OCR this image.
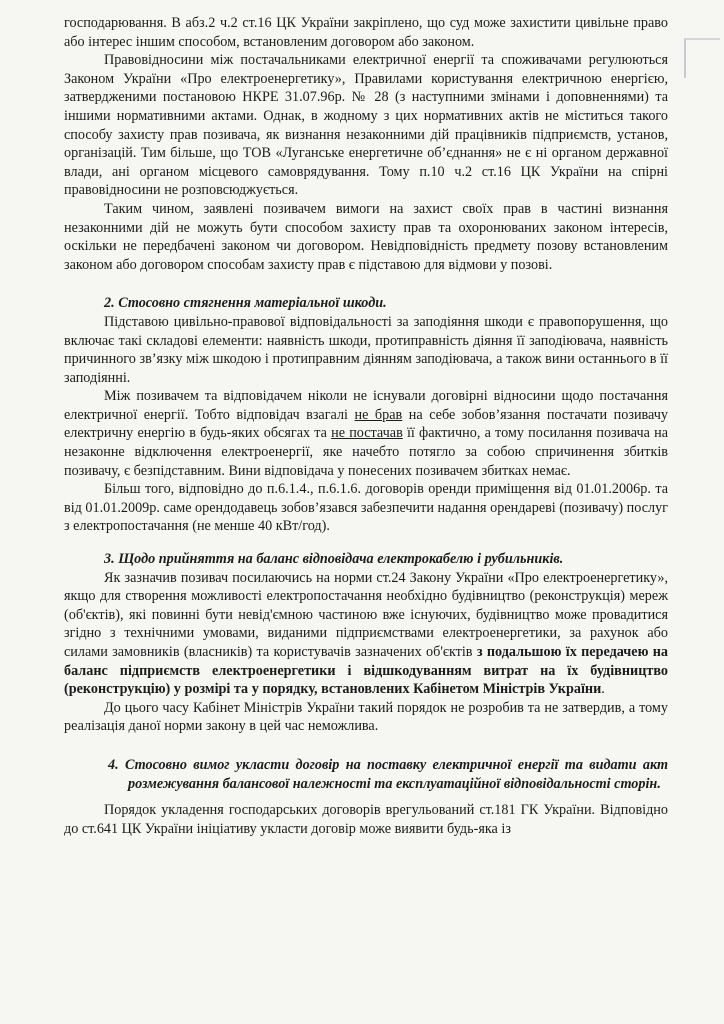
господарювання. В абз.2 ч.2 ст.16 ЦК України закріплено, що суд може захистити цивільне право або інтерес іншим способом, встановленим договором або законом.

Правовідносини між постачальниками електричної енергії та споживачами регулюються Законом України «Про електроенергетику», Правилами користування електричною енергією, затвердженими постановою НКРЕ 31.07.96р. № 28 (з наступними змінами і доповненнями) та іншими нормативними актами. Однак, в жодному з цих нормативних актів не міститься такого способу захисту прав позивача, як визнання незаконними дій працівників підприємств, установ, організацій. Тим більше, що ТОВ «Луганське енергетичне об’єднання» не є ні органом державної влади, ані органом місцевого самоврядування. Тому п.10 ч.2 ст.16 ЦК України на спірні правовідносини не розповсюджується.

Таким чином, заявлені позивачем вимоги на захист своїх прав в частині визнання незаконними дій не можуть бути способом захисту прав та охоронюваних законом інтересів, оскільки не передбачені законом чи договором. Невідповідність предмету позову встановленим законом або договором способам захисту прав є підставою для відмови у позові.

2. Стосовно стягнення матеріальної шкоди.

Підставою цивільно-правової відповідальності за заподіяння шкоди є правопорушення, що включає такі складові елементи: наявність шкоди, протиправність діяння її заподіювача, наявність причинного зв’язку між шкодою і протиправним діянням заподіювача, а також вини останнього в її заподіянні.

Між позивачем та відповідачем ніколи не існували договірні відносини щодо постачання електричної енергії. Тобто відповідач взагалі не брав на себе зобов’язання постачати позивачу електричну енергію в будь-яких обсягах та не постачав її фактично, а тому посилання позивача на незаконне відключення електроенергії, яке начебто потягло за собою спричинення збитків позивачу, є безпідставним. Вини відповідача у понесених позивачем збитках немає.

Більш того, відповідно до п.6.1.4., п.6.1.6. договорів оренди приміщення від 01.01.2006р. та від 01.01.2009р. саме орендодавець зобов’язався забезпечити надання орендареві (позивачу) послуг з електропостачання (не менше 40 кВт/год).

3. Щодо прийняття на баланс відповідача електрокабелю і рубильників.

Як зазначив позивач посилаючись на норми ст.24 Закону України «Про електроенергетику», якщо для створення можливості електропостачання необхідно будівництво (реконструкція) мереж (об'єктів), які повинні бути невід'ємною частиною вже існуючих, будівництво може провадитися згідно з технічними умовами, виданими підприємствами електроенергетики, за рахунок або силами замовників (власників) та користувачів зазначених об'єктів з подальшою їх передачею на баланс підприємств електроенергетики і відшкодуванням витрат на їх будівництво (реконструкцію) у розмірі та у порядку, встановлених Кабінетом Міністрів України.

До цього часу Кабінет Міністрів України такий порядок не розробив та не затвердив, а тому реалізація даної норми закону в цей час неможлива.

4. Стосовно вимог укласти договір на поставку електричної енергії та видати акт розмежування балансової належності та експлуатаційної відповідальності сторін.

Порядок укладення господарських договорів врегульований ст.181 ГК України. Відповідно до ст.641 ЦК України ініціативу укласти договір може виявити будь-яка із
